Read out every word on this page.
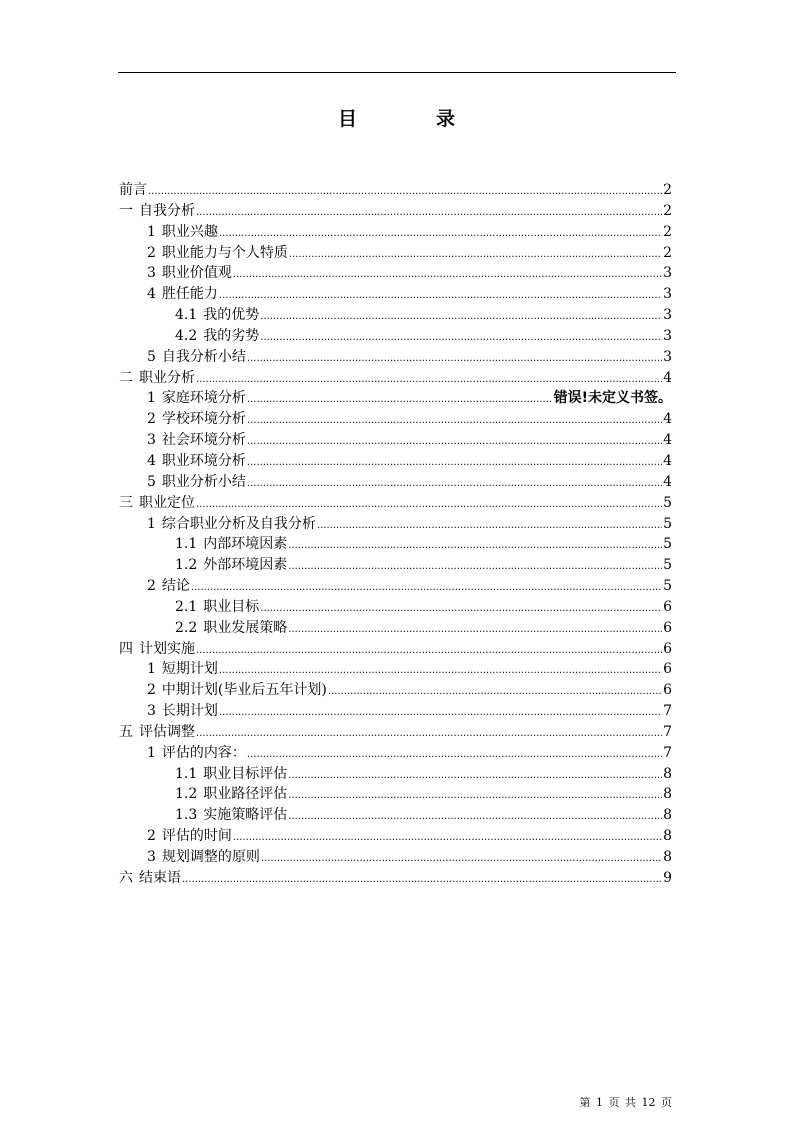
目　录
前言 .....	2
一 自我分析 .....	2
1 职业兴趣 .....	2
2 职业能力与个人特质 .....	2
3 职业价值观 .....	3
4 胜任能力 .....	3
4.1 我的优势 .....	3
4.2 我的劣势 .....	3
5 自我分析小结 .....	3
二 职业分析 .....	4
1 家庭环境分析 .....	错误!未定义书签。
2 学校环境分析 .....	4
3 社会环境分析 .....	4
4 职业环境分析 .....	4
5 职业分析小结 .....	4
三 职业定位 .....	5
1 综合职业分析及自我分析 .....	5
1.1 内部环境因素 .....	5
1.2 外部环境因素 .....	5
2 结论 .....	5
2.1 职业目标 .....	6
2.2 职业发展策略 .....	6
四 计划实施 .....	6
1 短期计划 .....	6
2 中期计划(毕业后五年计划) .....	6
3 长期计划 .....	7
五 评估调整 .....	7
1 评估的内容： .....	7
1.1 职业目标评估 .....	8
1.2 职业路径评估 .....	8
1.3 实施策略评估 .....	8
2 评估的时间 .....	8
3 规划调整的原则 .....	8
六 结束语 .....	9
第 1 页 共 12 页
